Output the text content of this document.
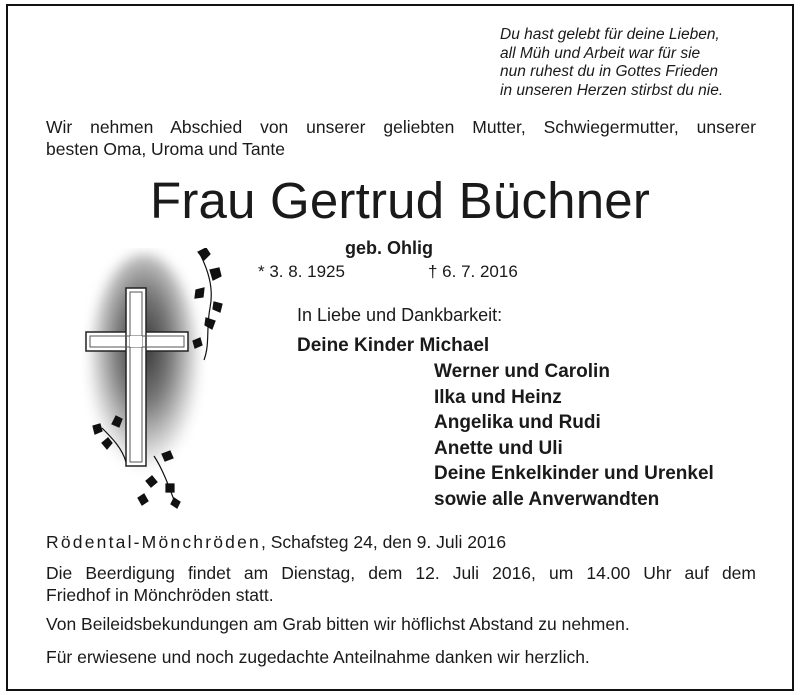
Du hast gelebt für deine Lieben,
all Müh und Arbeit war für sie
nun ruhest du in Gottes Frieden
in unseren Herzen stirbst du nie.
Wir nehmen Abschied von unserer geliebten Mutter, Schwiegermutter, unserer
besten Oma, Uroma und Tante
Frau Gertrud Büchner
geb. Ohlig
* 3. 8. 1925	† 6. 7. 2016
In Liebe und Dankbarkeit:
Deine Kinder Michael
Werner und Carolin
Ilka und Heinz
Angelika und Rudi
Anette und Uli
Deine Enkelkinder und Urenkel
sowie alle Anverwandten
Rödental-Mönchröden, Schafsteg 24, den 9. Juli 2016
Die Beerdigung findet am Dienstag, dem 12. Juli 2016, um 14.00 Uhr auf dem
Friedhof in Mönchröden statt.
Von Beileidsbekundungen am Grab bitten wir höflichst Abstand zu nehmen.
Für erwiesene und noch zugedachte Anteilnahme danken wir herzlich.
